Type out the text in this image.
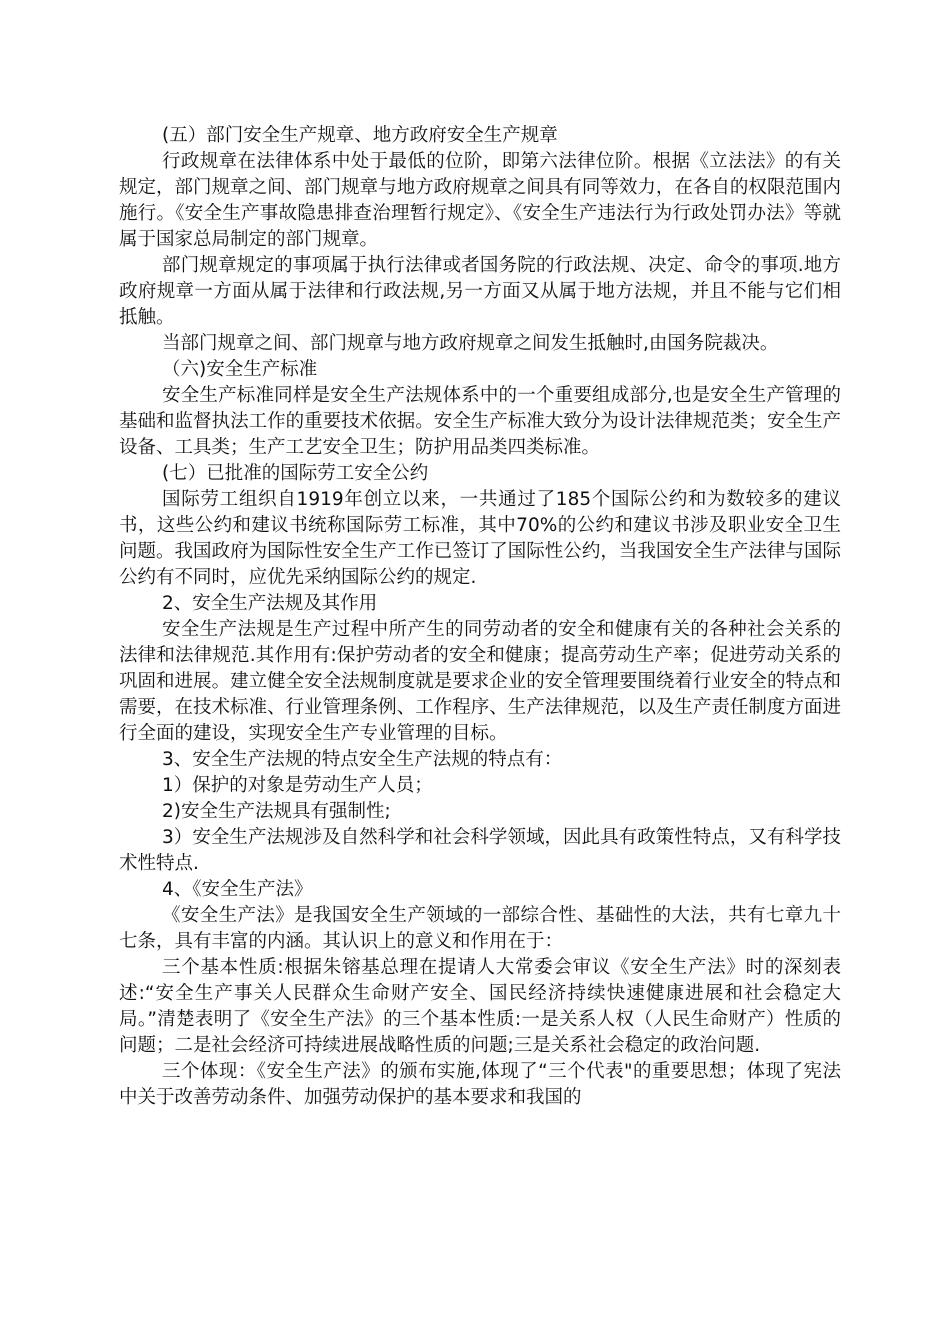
(五）部门安全生产规章、地方政府安全生产规章

行政规章在法律体系中处于最低的位阶，即第六法律位阶。根据《立法法》的有关规定，部门规章之间、部门规章与地方政府规章之间具有同等效力，在各自的权限范围内施行。《安全生产事故隐患排查治理暂行规定》、《安全生产违法行为行政处罚办法》等就属于国家总局制定的部门规章。

部门规章规定的事项属于执行法律或者国务院的行政法规、决定、命令的事项.地方政府规章一方面从属于法律和行政法规,另一方面又从属于地方法规，并且不能与它们相抵触。

当部门规章之间、部门规章与地方政府规章之间发生抵触时,由国务院裁决。

（六)安全生产标准

安全生产标准同样是安全生产法规体系中的一个重要组成部分,也是安全生产管理的基础和监督执法工作的重要技术依据。安全生产标准大致分为设计法律规范类；安全生产设备、工具类；生产工艺安全卫生；防护用品类四类标准。

(七）已批准的国际劳工安全公约

国际劳工组织自1919年创立以来，一共通过了185个国际公约和为数较多的建议书，这些公约和建议书统称国际劳工标准，其中70%的公约和建议书涉及职业安全卫生问题。我国政府为国际性安全生产工作已签订了国际性公约，当我国安全生产法律与国际公约有不同时，应优先采纳国际公约的规定.

2、安全生产法规及其作用

安全生产法规是生产过程中所产生的同劳动者的安全和健康有关的各种社会关系的法律和法律规范.其作用有:保护劳动者的安全和健康；提高劳动生产率；促进劳动关系的巩固和进展。建立健全安全法规制度就是要求企业的安全管理要围绕着行业安全的特点和需要，在技术标准、行业管理条例、工作程序、生产法律规范，以及生产责任制度方面进行全面的建设，实现安全生产专业管理的目标。

3、安全生产法规的特点安全生产法规的特点有：

1）保护的对象是劳动生产人员；

2)安全生产法规具有强制性;

3）安全生产法规涉及自然科学和社会科学领域，因此具有政策性特点，又有科学技术性特点.

4、《安全生产法》

《安全生产法》是我国安全生产领域的一部综合性、基础性的大法，共有七章九十七条，具有丰富的内涵。其认识上的意义和作用在于：

三个基本性质:根据朱镕基总理在提请人大常委会审议《安全生产法》时的深刻表述:“安全生产事关人民群众生命财产安全、国民经济持续快速健康进展和社会稳定大局。”清楚表明了《安全生产法》的三个基本性质:一是关系人权（人民生命财产）性质的问题；二是社会经济可持续进展战略性质的问题;三是关系社会稳定的政治问题.

三个体现：《安全生产法》的颁布实施,体现了“三个代表"的重要思想；体现了宪法中关于改善劳动条件、加强劳动保护的基本要求和我国的
